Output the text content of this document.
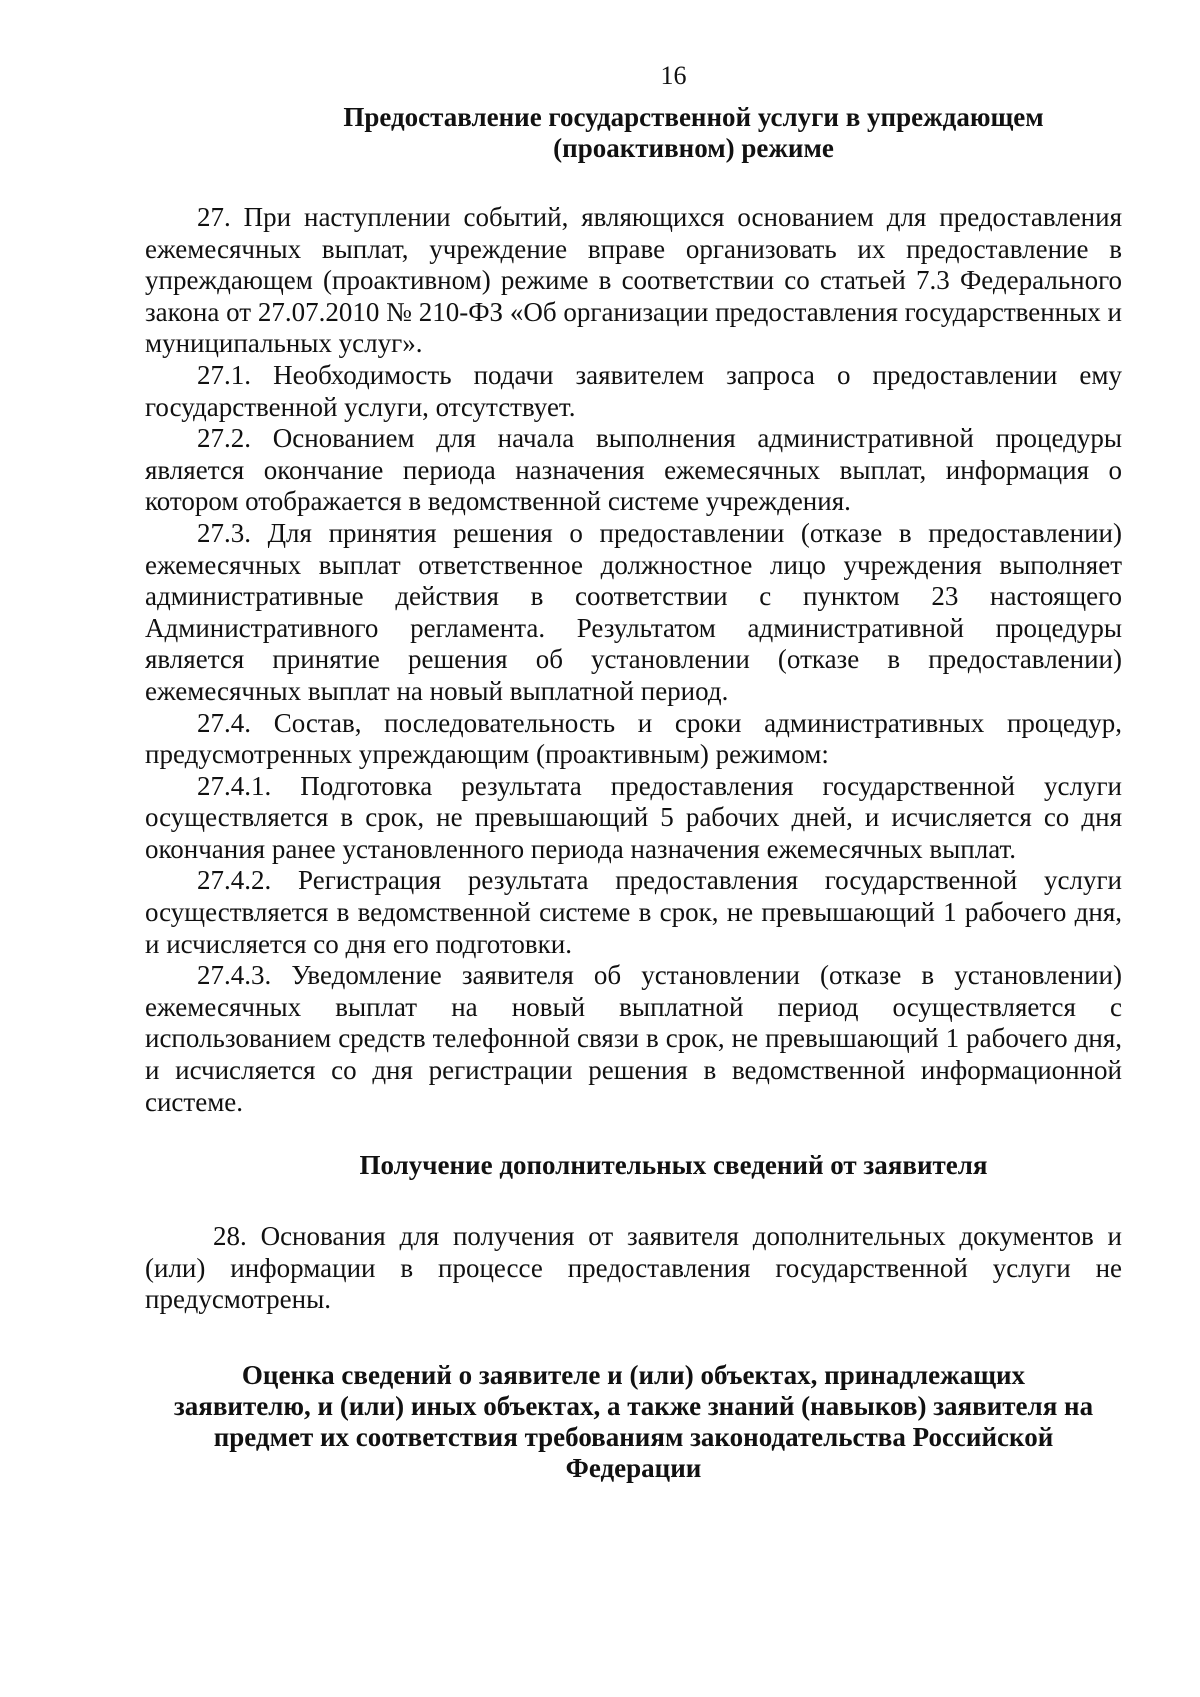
16
Предоставление государственной услуги в упреждающем
(проактивном) режиме

27. При наступлении событий, являющихся основанием для предоставления ежемесячных выплат, учреждение вправе организовать их предоставление в упреждающем (проактивном) режиме в соответствии со статьей 7.3 Федерального закона от 27.07.2010 № 210-ФЗ «Об организации предоставления государственных и муниципальных услуг».

27.1. Необходимость подачи заявителем запроса о предоставлении ему государственной услуги, отсутствует.

27.2. Основанием для начала выполнения административной процедуры является окончание периода назначения ежемесячных выплат, информация о котором отображается в ведомственной системе учреждения.

27.3. Для принятия решения о предоставлении (отказе в предоставлении) ежемесячных выплат ответственное должностное лицо учреждения выполняет административные действия в соответствии с пунктом 23 настоящего Административного регламента. Результатом административной процедуры является принятие решения об установлении (отказе в предоставлении) ежемесячных выплат на новый выплатной период.

27.4. Состав, последовательность и сроки административных процедур, предусмотренных упреждающим (проактивным) режимом:

27.4.1. Подготовка результата предоставления государственной услуги осуществляется в срок, не превышающий 5 рабочих дней, и исчисляется со дня окончания ранее установленного периода назначения ежемесячных выплат.

27.4.2. Регистрация результата предоставления государственной услуги осуществляется в ведомственной системе в срок, не превышающий 1 рабочего дня, и исчисляется со дня его подготовки.

27.4.3. Уведомление заявителя об установлении (отказе в установлении) ежемесячных выплат на новый выплатной период осуществляется с использованием средств телефонной связи в срок, не превышающий 1 рабочего дня, и исчисляется со дня регистрации решения в ведомственной информационной системе.

Получение дополнительных сведений от заявителя

28. Основания для получения от заявителя дополнительных документов и (или) информации в процессе предоставления государственной услуги не предусмотрены.

Оценка сведений о заявителе и (или) объектах, принадлежащих
заявителю, и (или) иных объектах, а также знаний (навыков) заявителя на
предмет их соответствия требованиям законодательства Российской
Федерации
